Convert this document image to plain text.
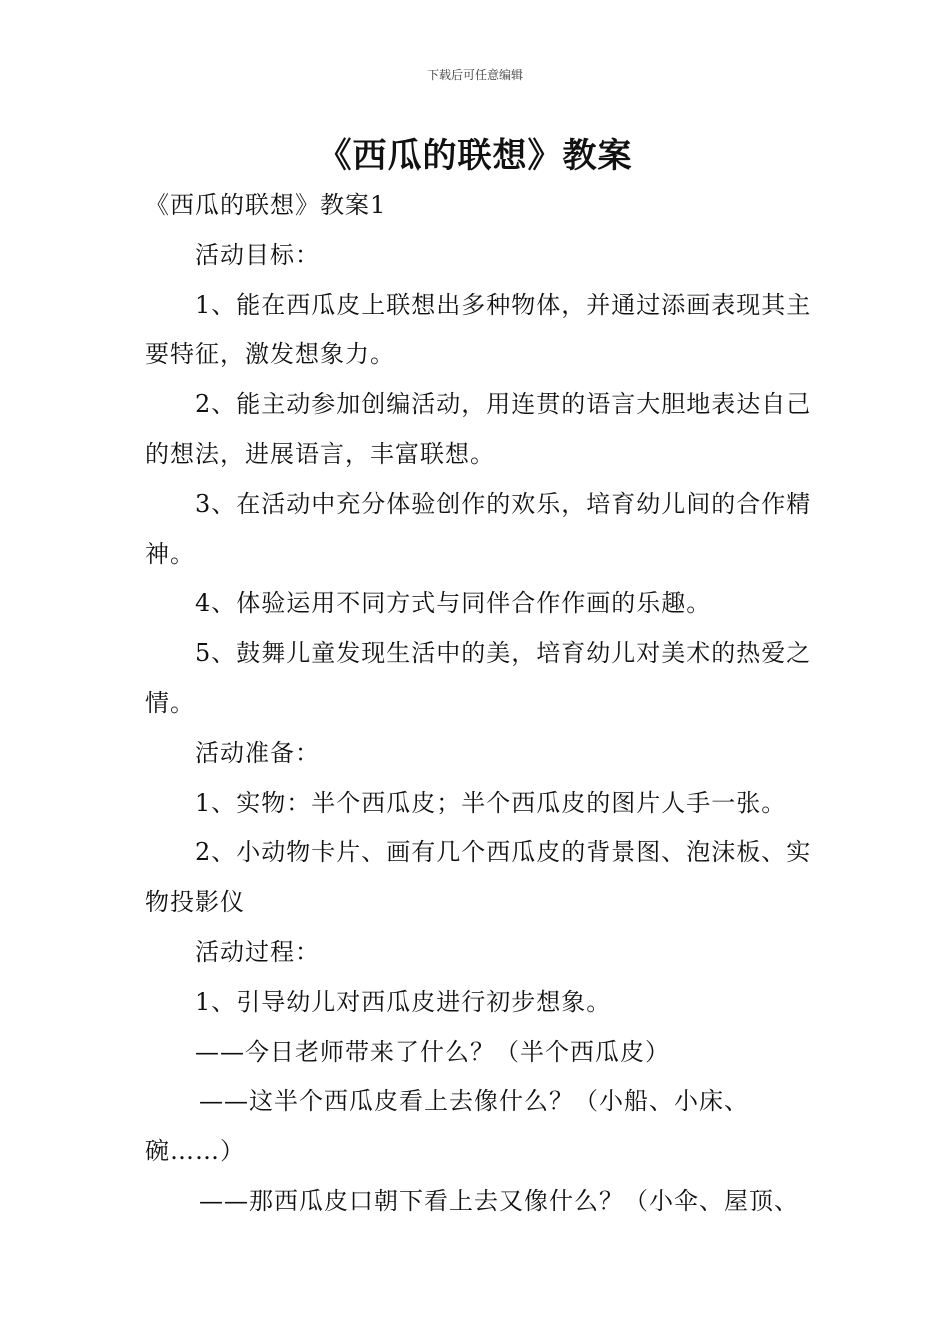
下载后可任意编辑
《西瓜的联想》教案

《西瓜的联想》教案1

活动目标：

1、能在西瓜皮上联想出多种物体，并通过添画表现其主要特征，激发想象力。

2、能主动参加创编活动，用连贯的语言大胆地表达自己的想法，进展语言，丰富联想。

3、在活动中充分体验创作的欢乐，培育幼儿间的合作精神。

4、体验运用不同方式与同伴合作作画的乐趣。

5、鼓舞儿童发现生活中的美，培育幼儿对美术的热爱之情。

活动准备：

1、实物：半个西瓜皮；半个西瓜皮的图片人手一张。

2、小动物卡片、画有几个西瓜皮的背景图、泡沫板、实物投影仪

活动过程：

1、引导幼儿对西瓜皮进行初步想象。

——今日老师带来了什么？（半个西瓜皮）

——这半个西瓜皮看上去像什么？（小船、小床、碗……）

——那西瓜皮口朝下看上去又像什么？（小伞、屋顶、
